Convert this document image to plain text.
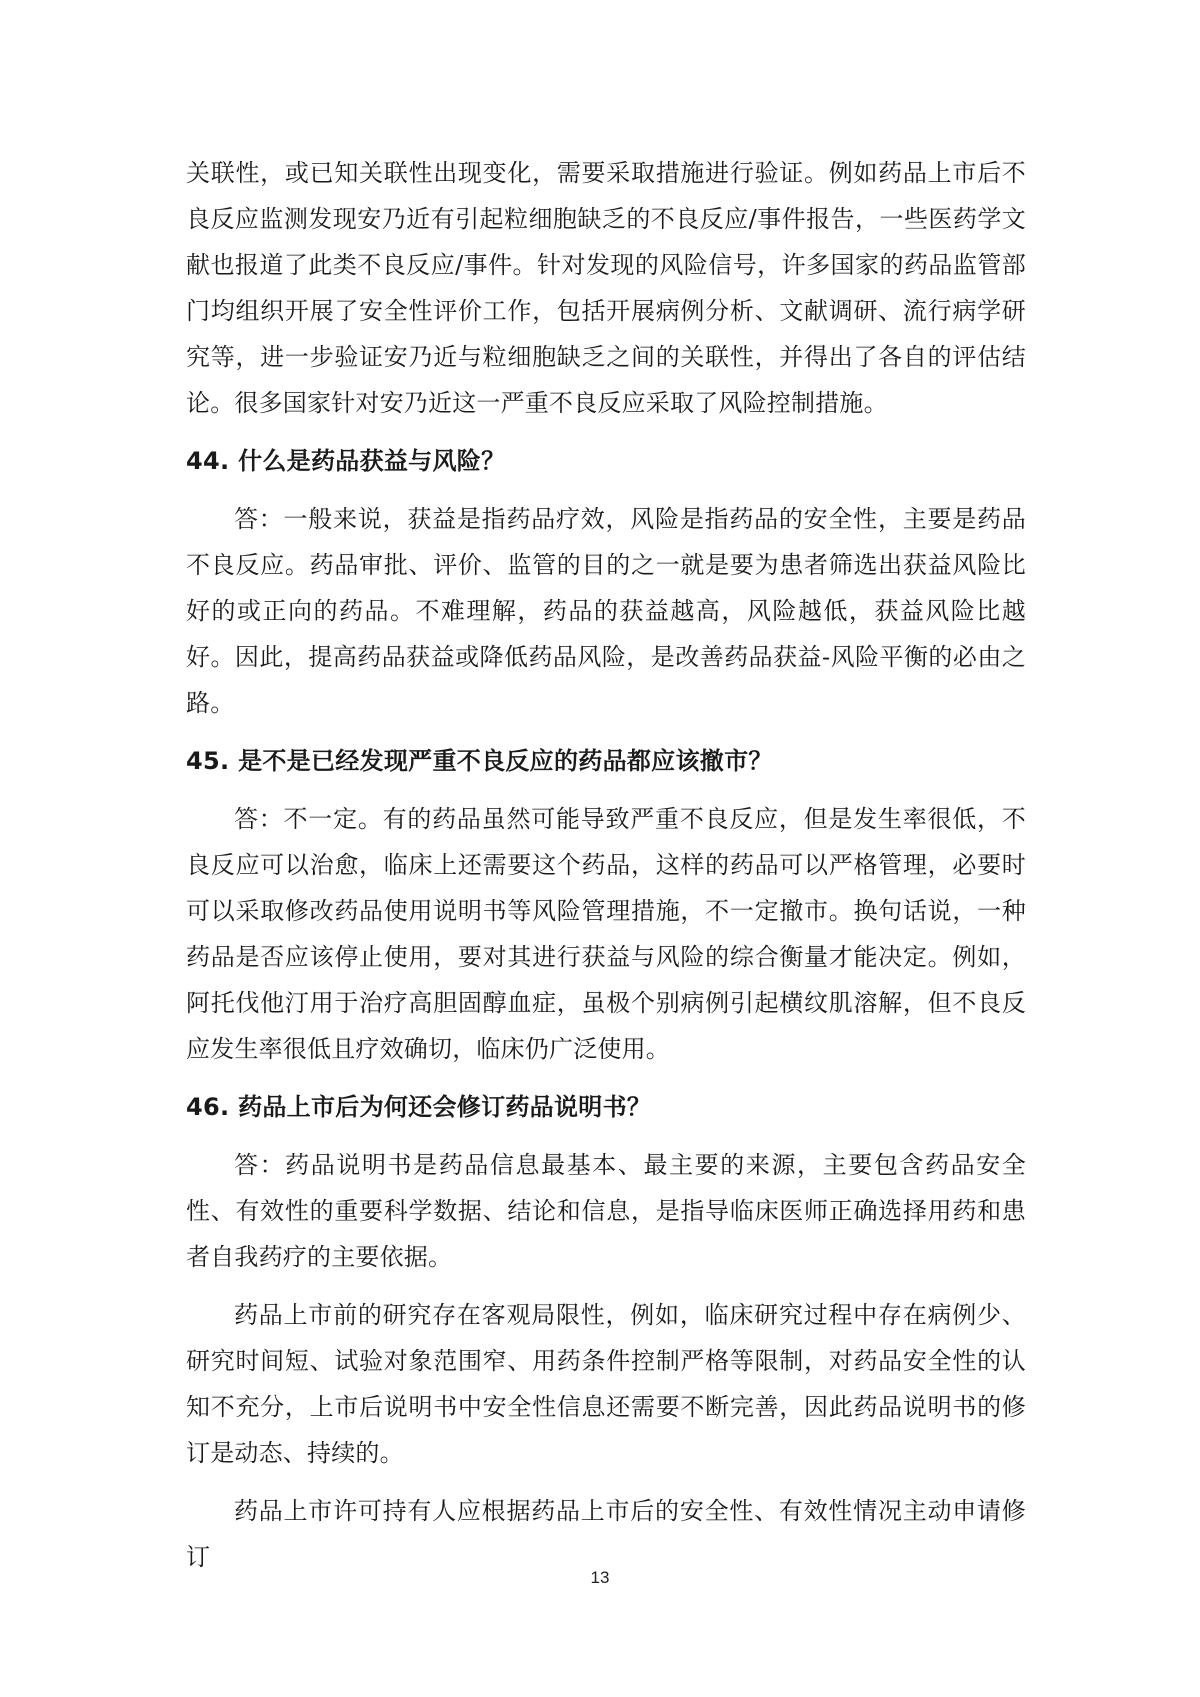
关联性，或已知关联性出现变化，需要采取措施进行验证。例如药品上市后不良反应监测发现安乃近有引起粒细胞缺乏的不良反应/事件报告，一些医药学文献也报道了此类不良反应/事件。针对发现的风险信号，许多国家的药品监管部门均组织开展了安全性评价工作，包括开展病例分析、文献调研、流行病学研究等，进一步验证安乃近与粒细胞缺乏之间的关联性，并得出了各自的评估结论。很多国家针对安乃近这一严重不良反应采取了风险控制措施。

44. 什么是药品获益与风险？

答：一般来说，获益是指药品疗效，风险是指药品的安全性，主要是药品不良反应。药品审批、评价、监管的目的之一就是要为患者筛选出获益风险比好的或正向的药品。不难理解，药品的获益越高，风险越低，获益风险比越好。因此，提高药品获益或降低药品风险，是改善药品获益-风险平衡的必由之路。

45. 是不是已经发现严重不良反应的药品都应该撤市？

答：不一定。有的药品虽然可能导致严重不良反应，但是发生率很低，不良反应可以治愈，临床上还需要这个药品，这样的药品可以严格管理，必要时可以采取修改药品使用说明书等风险管理措施，不一定撤市。换句话说，一种药品是否应该停止使用，要对其进行获益与风险的综合衡量才能决定。例如，阿托伐他汀用于治疗高胆固醇血症，虽极个别病例引起横纹肌溶解，但不良反应发生率很低且疗效确切，临床仍广泛使用。

46. 药品上市后为何还会修订药品说明书？

答：药品说明书是药品信息最基本、最主要的来源，主要包含药品安全性、有效性的重要科学数据、结论和信息，是指导临床医师正确选择用药和患者自我药疗的主要依据。

药品上市前的研究存在客观局限性，例如，临床研究过程中存在病例少、研究时间短、试验对象范围窄、用药条件控制严格等限制，对药品安全性的认知不充分，上市后说明书中安全性信息还需要不断完善，因此药品说明书的修订是动态、持续的。

药品上市许可持有人应根据药品上市后的安全性、有效性情况主动申请修订

13
